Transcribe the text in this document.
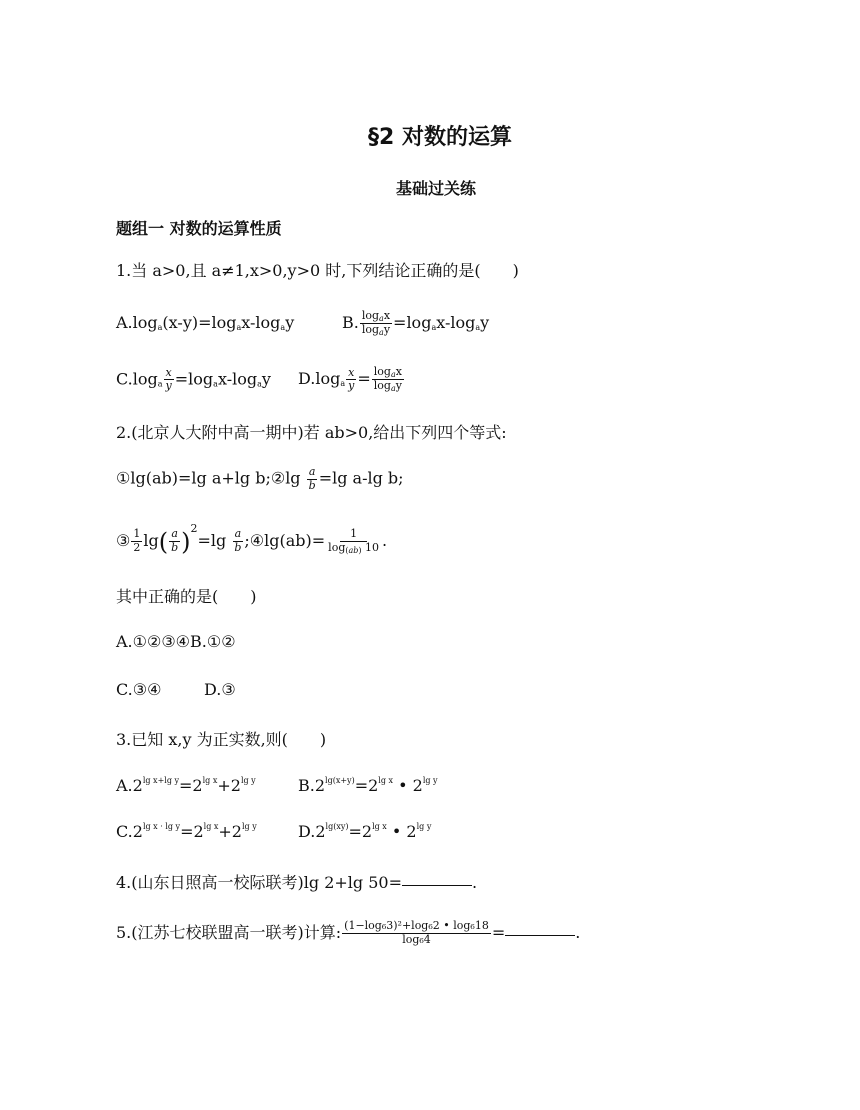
§2 对数的运算
基础过关练
题组一 对数的运算性质
1.当 a>0,且 a≠1,x>0,y>0 时,下列结论正确的是(　　)
$A.\log_a(x-y)=\log_ax-\log_ay$	B. $\frac{\log_ax}{\log_ay} =\log_ax-\log_ay$
$C.\log_a \frac{x}{y} =\log_ax-\log_ay$ $D.\log_a \frac{x}{y} = \frac{\log_ax}{\log_ay}$
2.(北京人大附中高一期中)若 ab>0,给出下列四个等式:
①lg(ab)=lg a+lg b;②lg $\frac{a}{b} =\lg$ a-lg b;
③ $\frac{1}{2} \lg( \frac{a}{b} )^2=\lg \frac{a}{b}$ ;④lg(ab)= $\frac{1}{\log_{(ab)} 10}$ .
其中正确的是(　　)
A.①②③④B.①②
C.③④	D.③
3.已知 x,y 为正实数,则(　　)
$A.2^{lg x+lg y}=2^{lg x}+2^{lg y}$	$B.2^{lg(x+y)}=2^{lg x}$ • $2^{lg y}$
$C.2^{lg x \cdot lg y}=2^{lg x}+2^{lg y}$	$D.2^{lg(xy)}=2^{lg x}$ • $2^{lg y}$
4.(山东日照高一校际联考)lg 2+lg 50=	.
5.(江苏七校联盟高一联考)计算: $\frac{\text{(1−log₆3)²+log₆2 • log₆18}}{\text{log₆4}}$ =	.
